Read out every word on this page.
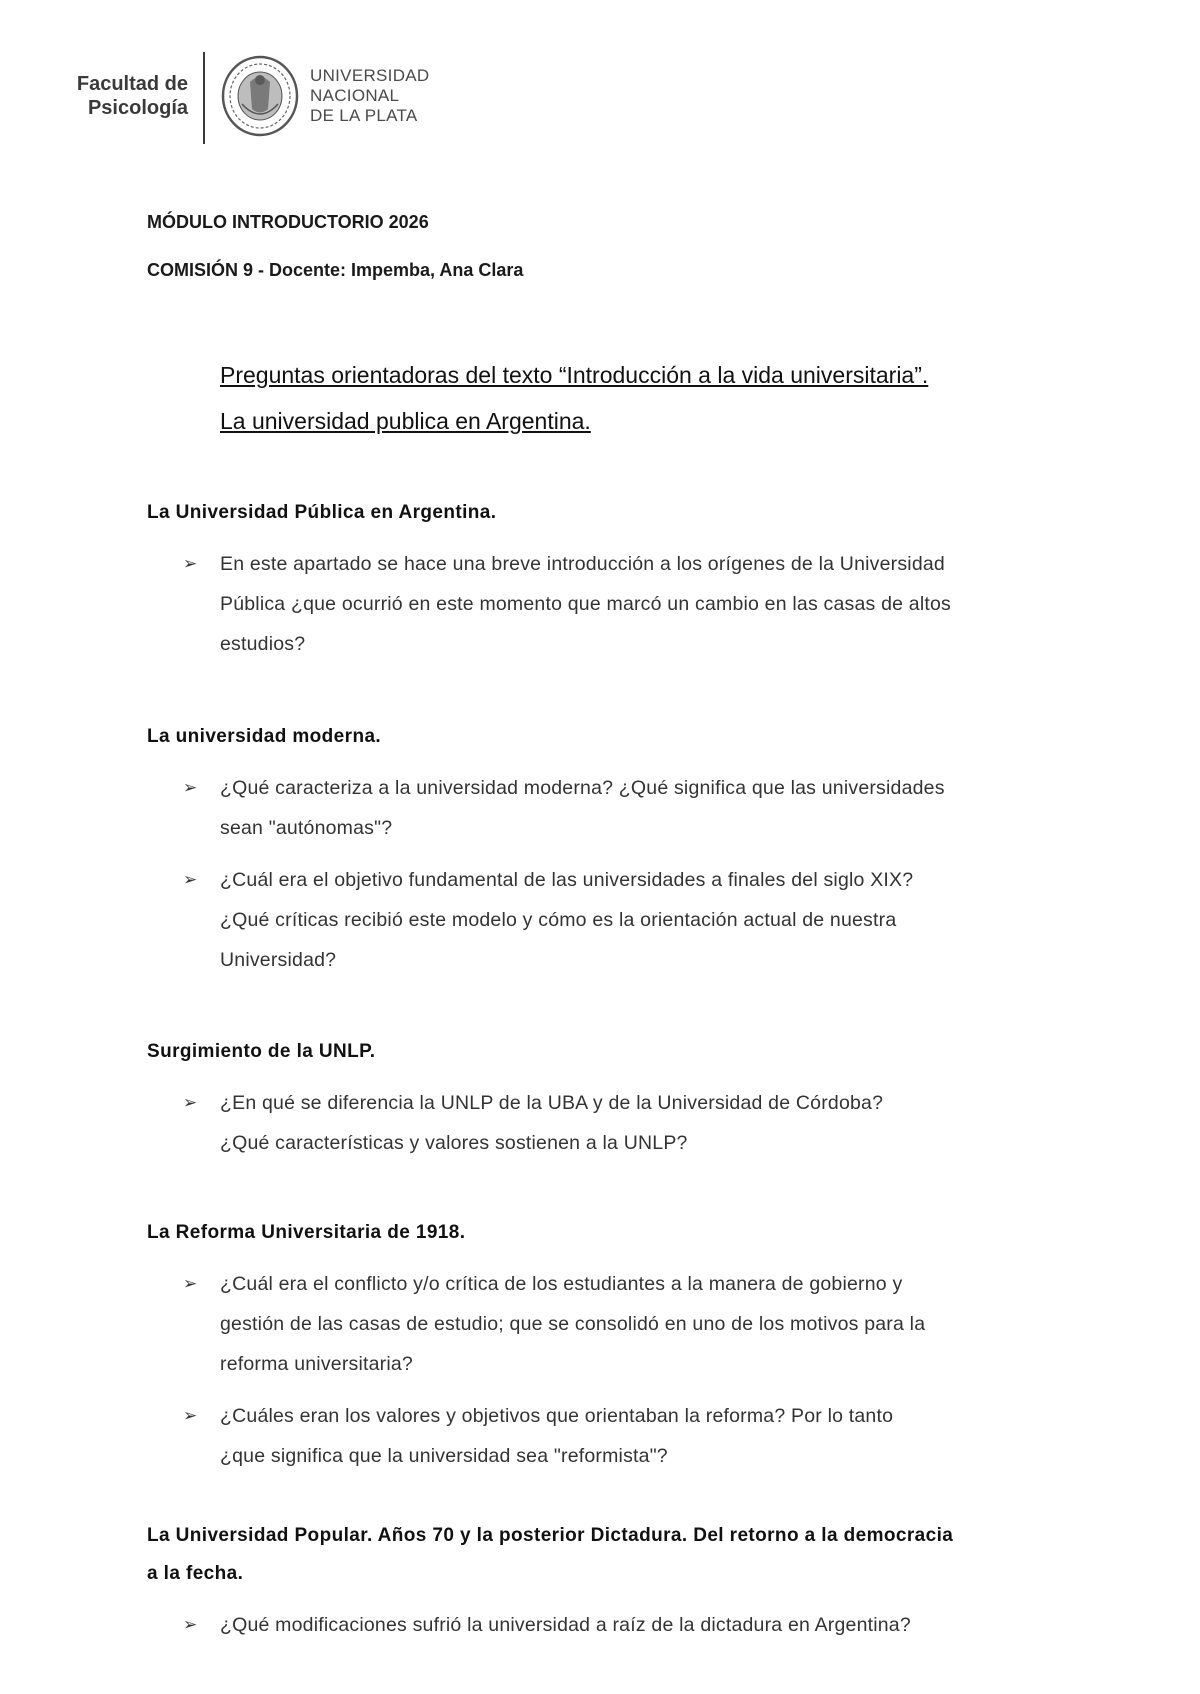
Facultad de
Psicología
UNIVERSIDAD
NACIONAL
DE LA PLATA
MÓDULO INTRODUCTORIO 2026
COMISIÓN 9 - Docente: Impemba, Ana Clara
Preguntas orientadoras del texto “Introducción a la vida universitaria”.
La universidad publica en Argentina.
La Universidad Pública en Argentina.
➢ En este apartado se hace una breve introducción a los orígenes de la Universidad
Pública ¿que ocurrió en este momento que marcó un cambio en las casas de altos
estudios?
La universidad moderna.
➢ ¿Qué caracteriza a la universidad moderna? ¿Qué significa que las universidades
sean "autónomas"?
➢ ¿Cuál era el objetivo fundamental de las universidades a finales del siglo XIX?
¿Qué críticas recibió este modelo y cómo es la orientación actual de nuestra
Universidad?
Surgimiento de la UNLP.
➢ ¿En qué se diferencia la UNLP de la UBA y de la Universidad de Córdoba?
¿Qué características y valores sostienen a la UNLP?
La Reforma Universitaria de 1918.
➢ ¿Cuál era el conflicto y/o crítica de los estudiantes a la manera de gobierno y
gestión de las casas de estudio; que se consolidó en uno de los motivos para la
reforma universitaria?
➢ ¿Cuáles eran los valores y objetivos que orientaban la reforma? Por lo tanto
¿que significa que la universidad sea "reformista"?
La Universidad Popular. Años 70 y la posterior Dictadura. Del retorno a la democracia
a la fecha.
➢ ¿Qué modificaciones sufrió la universidad a raíz de la dictadura en Argentina?
